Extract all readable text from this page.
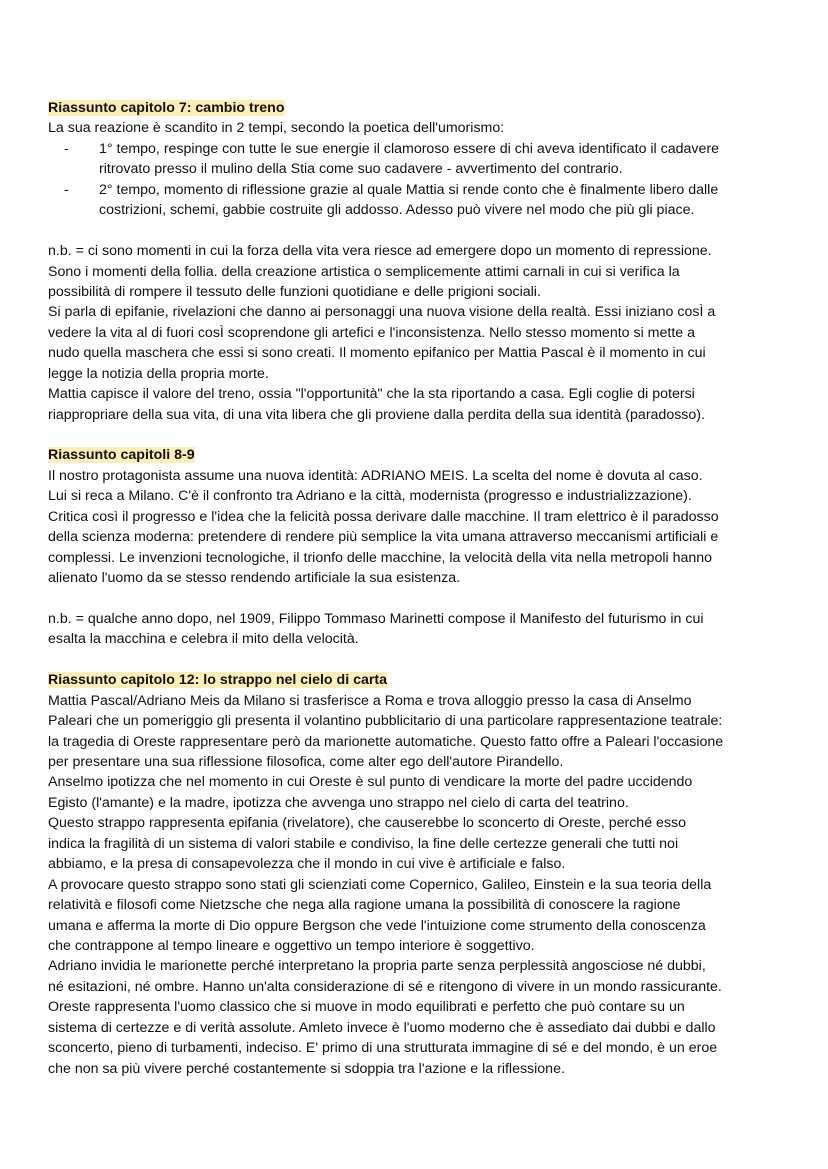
Riassunto capitolo 7: cambio treno
La sua reazione è scandito in 2 tempi, secondo la poetica dell'umorismo:
- 1° tempo, respinge con tutte le sue energie il clamoroso essere di chi aveva identificato il cadavere
ritrovato presso il mulino della Stia come suo cadavere - avvertimento del contrario.
- 2° tempo, momento di riflessione grazie al quale Mattia si rende conto che è finalmente libero dalle
costrizioni, schemi, gabbie costruite gli addosso. Adesso può vivere nel modo che più gli piace.
n.b. = ci sono momenti in cui la forza della vita vera riesce ad emergere dopo un momento di repressione.
Sono i momenti della follia. della creazione artistica o semplicemente attimi carnali in cui si verifica la
possibilità di rompere il tessuto delle funzioni quotidiane e delle prigioni sociali.
Si parla di epifanie, rivelazioni che danno ai personaggi una nuova visione della realtà. Essi iniziano cosÌ a
vedere la vita al di fuori cosÌ scoprendone gli artefici e l'inconsistenza. Nello stesso momento si mette a
nudo quella maschera che essi si sono creati. Il momento epifanico per Mattia Pascal è il momento in cui
legge la notizia della propria morte.
Mattia capisce il valore del treno, ossia "l'opportunità" che la sta riportando a casa. Egli coglie di potersi
riappropriare della sua vita, di una vita libera che gli proviene dalla perdita della sua identità (paradosso).
Riassunto capitoli 8-9
Il nostro protagonista assume una nuova identità: ADRIANO MEIS. La scelta del nome è dovuta al caso.
Lui si reca a Milano. C'è il confronto tra Adriano e la città, modernista (progresso e industrializzazione).
Critica così il progresso e l'idea che la felicità possa derivare dalle macchine. Il tram elettrico è il paradosso
della scienza moderna: pretendere di rendere più semplice la vita umana attraverso meccanismi artificiali e
complessi. Le invenzioni tecnologiche, il trionfo delle macchine, la velocità della vita nella metropoli hanno
alienato l'uomo da se stesso rendendo artificiale la sua esistenza.
n.b. = qualche anno dopo, nel 1909, Filippo Tommaso Marinetti compose il Manifesto del futurismo in cui
esalta la macchina e celebra il mito della velocità.
Riassunto capitolo 12: lo strappo nel cielo di carta
Mattia Pascal/Adriano Meis da Milano si trasferisce a Roma e trova alloggio presso la casa di Anselmo
Paleari che un pomeriggio gli presenta il volantino pubblicitario di una particolare rappresentazione teatrale:
la tragedia di Oreste rappresentare però da marionette automatiche. Questo fatto offre a Paleari l'occasione
per presentare una sua riflessione filosofica, come alter ego dell'autore Pirandello.
Anselmo ipotizza che nel momento in cui Oreste è sul punto di vendicare la morte del padre uccidendo
Egisto (l'amante) e la madre, ipotizza che avvenga uno strappo nel cielo di carta del teatrino.
Questo strappo rappresenta epifania (rivelatore), che causerebbe lo sconcerto di Oreste, perché esso
indica la fragilità di un sistema di valori stabile e condiviso, la fine delle certezze generali che tutti noi
abbiamo, e la presa di consapevolezza che il mondo in cui vive è artificiale e falso.
A provocare questo strappo sono stati gli scienziati come Copernico, Galileo, Einstein e la sua teoria della
relatività e filosofi come Nietzsche che nega alla ragione umana la possibilità di conoscere la ragione
umana e afferma la morte di Dio oppure Bergson che vede l'intuizione come strumento della conoscenza
che contrappone al tempo lineare e oggettivo un tempo interiore è soggettivo.
Adriano invidia le marionette perché interpretano la propria parte senza perplessità angosciose né dubbi,
né esitazioni, né ombre. Hanno un'alta considerazione di sé e ritengono di vivere in un mondo rassicurante.
Oreste rappresenta l'uomo classico che si muove in modo equilibrati e perfetto che può contare su un
sistema di certezze e di verità assolute. Amleto invece è l'uomo moderno che è assediato dai dubbi e dallo
sconcerto, pieno di turbamenti, indeciso. E' primo di una strutturata immagine di sé e del mondo, è un eroe
che non sa più vivere perché costantemente si sdoppia tra l'azione e la riflessione.
